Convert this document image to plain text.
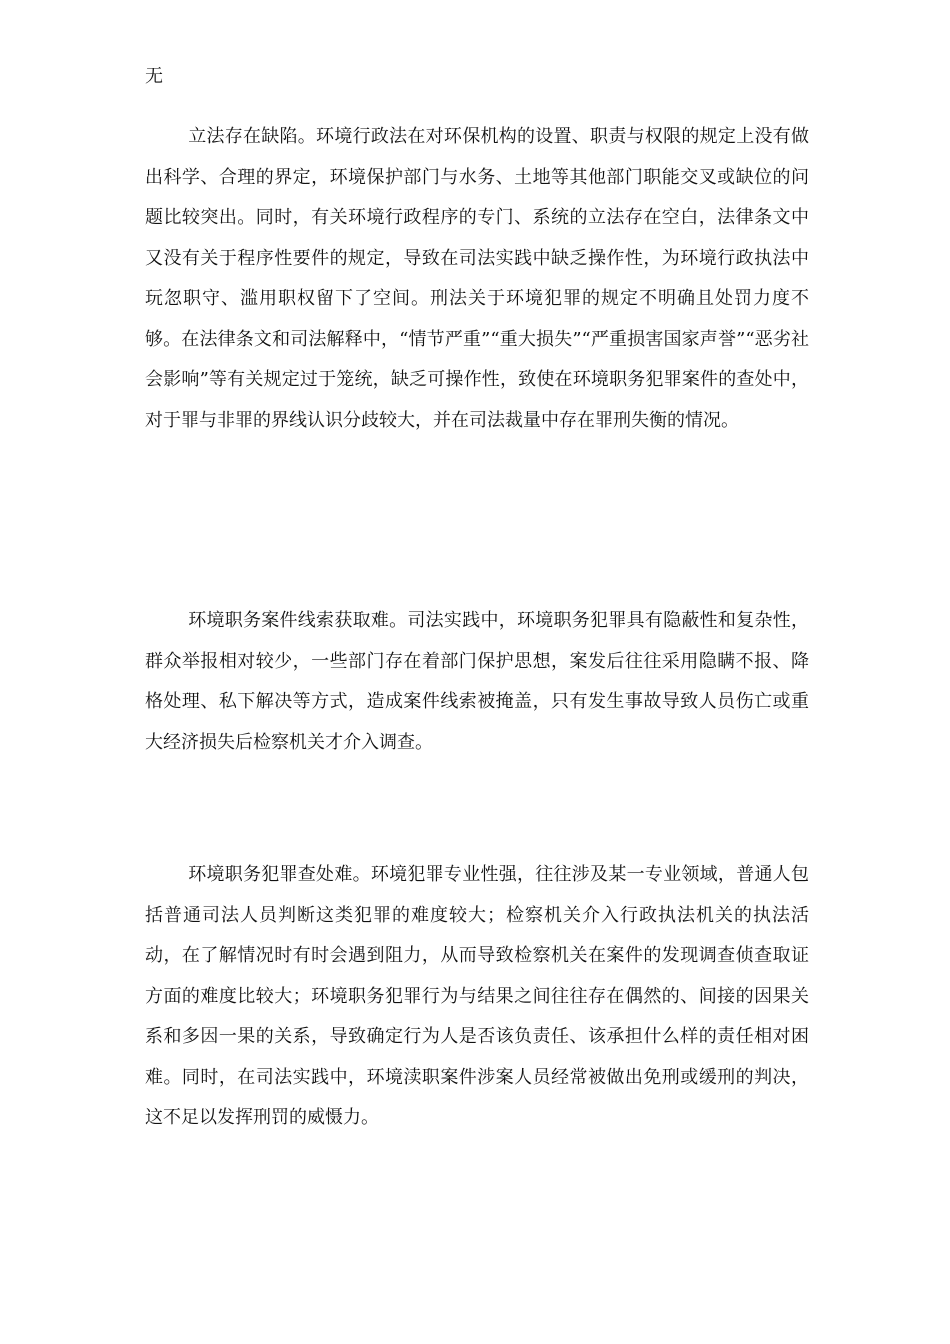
无

立法存在缺陷。环境行政法在对环保机构的设置、职责与权限的规定上没有做出科学、合理的界定，环境保护部门与水务、土地等其他部门职能交叉或缺位的问题比较突出。同时，有关环境行政程序的专门、系统的立法存在空白，法律条文中又没有关于程序性要件的规定，导致在司法实践中缺乏操作性，为环境行政执法中玩忽职守、滥用职权留下了空间。刑法关于环境犯罪的规定不明确且处罚力度不够。在法律条文和司法解释中，“情节严重”“重大损失”“严重损害国家声誉”“恶劣社会影响”等有关规定过于笼统，缺乏可操作性，致使在环境职务犯罪案件的查处中，对于罪与非罪的界线认识分歧较大，并在司法裁量中存在罪刑失衡的情况。

环境职务案件线索获取难。司法实践中，环境职务犯罪具有隐蔽性和复杂性，群众举报相对较少，一些部门存在着部门保护思想，案发后往往采用隐瞒不报、降格处理、私下解决等方式，造成案件线索被掩盖，只有发生事故导致人员伤亡或重大经济损失后检察机关才介入调查。

环境职务犯罪查处难。环境犯罪专业性强，往往涉及某一专业领域，普通人包括普通司法人员判断这类犯罪的难度较大；检察机关介入行政执法机关的执法活动，在了解情况时有时会遇到阻力，从而导致检察机关在案件的发现调查侦查取证方面的难度比较大；环境职务犯罪行为与结果之间往往存在偶然的、间接的因果关系和多因一果的关系，导致确定行为人是否该负责任、该承担什么样的责任相对困难。同时，在司法实践中，环境渎职案件涉案人员经常被做出免刑或缓刑的判决，这不足以发挥刑罚的威慑力。
